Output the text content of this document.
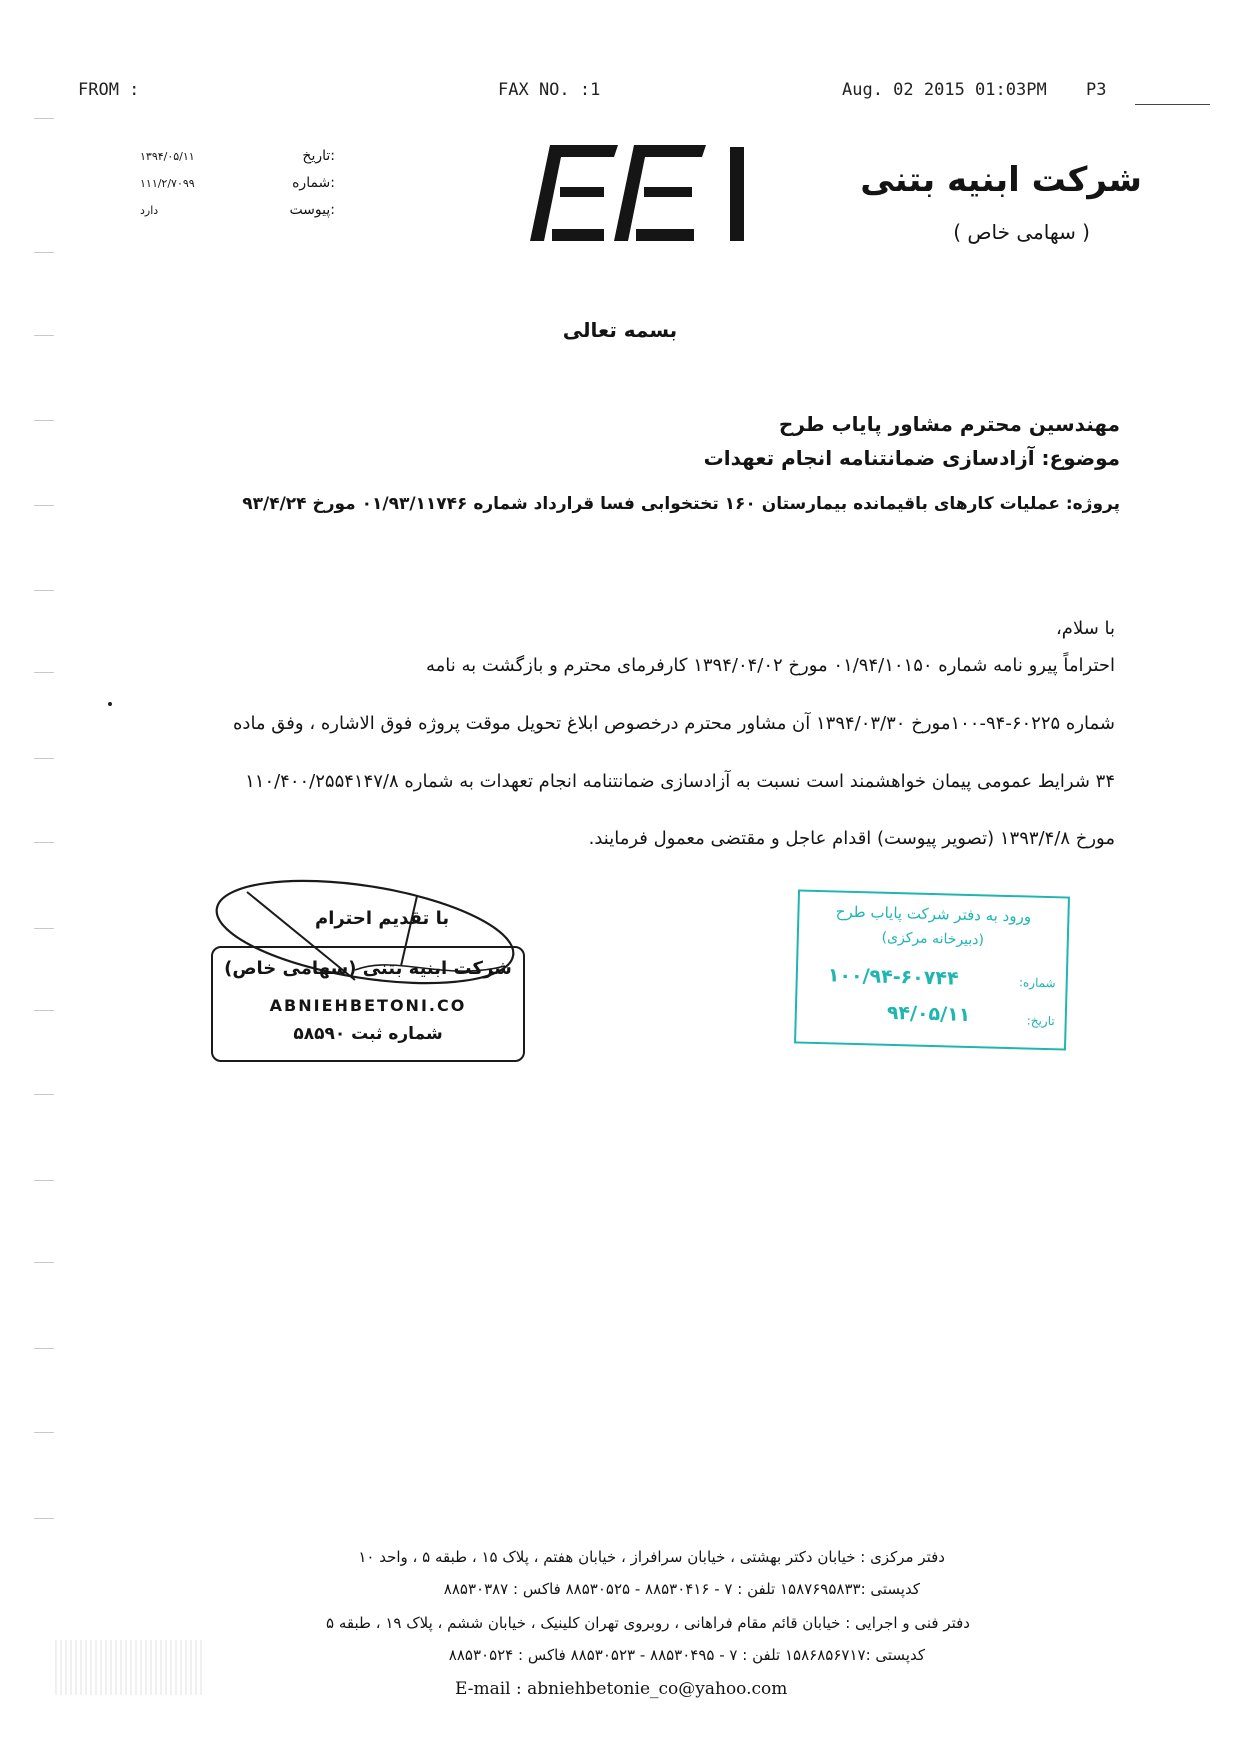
FROM :	FAX NO. :1	Aug. 02 2015 01:03PM P3
تاریخ:
۱۳۹۴/۰۵/۱۱
شماره:
۱۱۱/۲/۷۰۹۹
پیوست:
دارد
شرکت ابنیه بتنی
( سهامی خاص )
بسمه تعالی
مهندسین محترم مشاور پایاب طرح
موضوع: آزادسازی ضمانتنامه انجام تعهدات
پروژه: عملیات کارهای باقیمانده بیمارستان ۱۶۰ تختخوابی فسا قرارداد شماره ۰۱/۹۳/۱۱۷۴۶ مورخ ۹۳/۴/۲۴
با سلام،
احتراماً پیرو نامه شماره ۰۱/۹۴/۱۰۱۵۰ مورخ ۱۳۹۴/۰۴/۰۲ کارفرمای محترم و بازگشت به نامه
شماره ۶۰۲۲۵-۹۴-۱۰۰مورخ ۱۳۹۴/۰۳/۳۰ آن مشاور محترم درخصوص ابلاغ تحویل موقت پروژه فوق الاشاره ، وفق ماده
۳۴ شرایط عمومی پیمان خواهشمند است نسبت به آزادسازی ضمانتنامه انجام تعهدات به شماره ۱۱۰/۴۰۰/۲۵۵۴۱۴۷/۸
مورخ ۱۳۹۳/۴/۸ (تصویر پیوست) اقدام عاجل و مقتضی معمول فرمایند.
با تقدیم احترام
شرکت ابنیه بتنی (سهامی خاص)
ABNIEHBETONI.CO
شماره ثبت ۵۸۵۹۰
ورود به دفتر شرکت پایاب طرح
(دبیرخانه مرکزی)
شماره:
۱۰۰/۹۴-۶۰۷۴۴
تاریخ:
۹۴/۰۵/۱۱
دفتر مرکزی : خیابان دکتر بهشتی ، خیابان سرافراز ، خیابان هفتم ، پلاک ۱۵ ، طبقه ۵ ، واحد ۱۰
کدپستی :۱۵۸۷۶۹۵۸۳۳ تلفن : ۷ - ۸۸۵۳۰۴۱۶ - ۸۸۵۳۰۵۲۵ فاکس : ۸۸۵۳۰۳۸۷
دفتر فنی و اجرایی : خیابان قائم مقام فراهانی ، روبروی تهران کلینیک ، خیابان ششم ، پلاک ۱۹ ، طبقه ۵
کدپستی :۱۵۸۶۸۵۶۷۱۷ تلفن : ۷ - ۸۸۵۳۰۴۹۵ - ۸۸۵۳۰۵۲۳ فاکس : ۸۸۵۳۰۵۲۴
E-mail : abniehbetonie_co@yahoo.com
